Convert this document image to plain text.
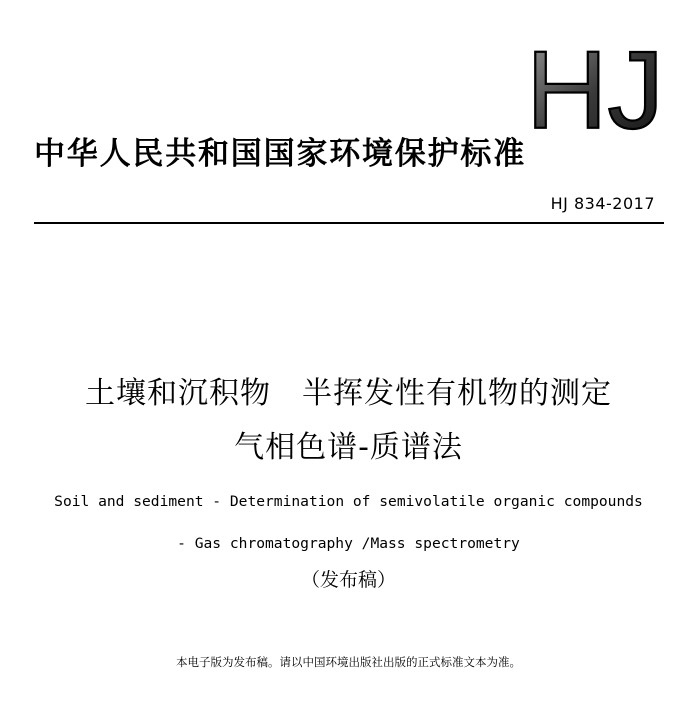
HJ
中华人民共和国国家环境保护标准
HJ 834-2017
土壤和沉积物　半挥发性有机物的测定
气相色谱-质谱法
Soil and sediment - Determination of semivolatile organic compounds
- Gas chromatography /Mass spectrometry
（发布稿）
本电子版为发布稿。请以中国环境出版社出版的正式标准文本为准。
